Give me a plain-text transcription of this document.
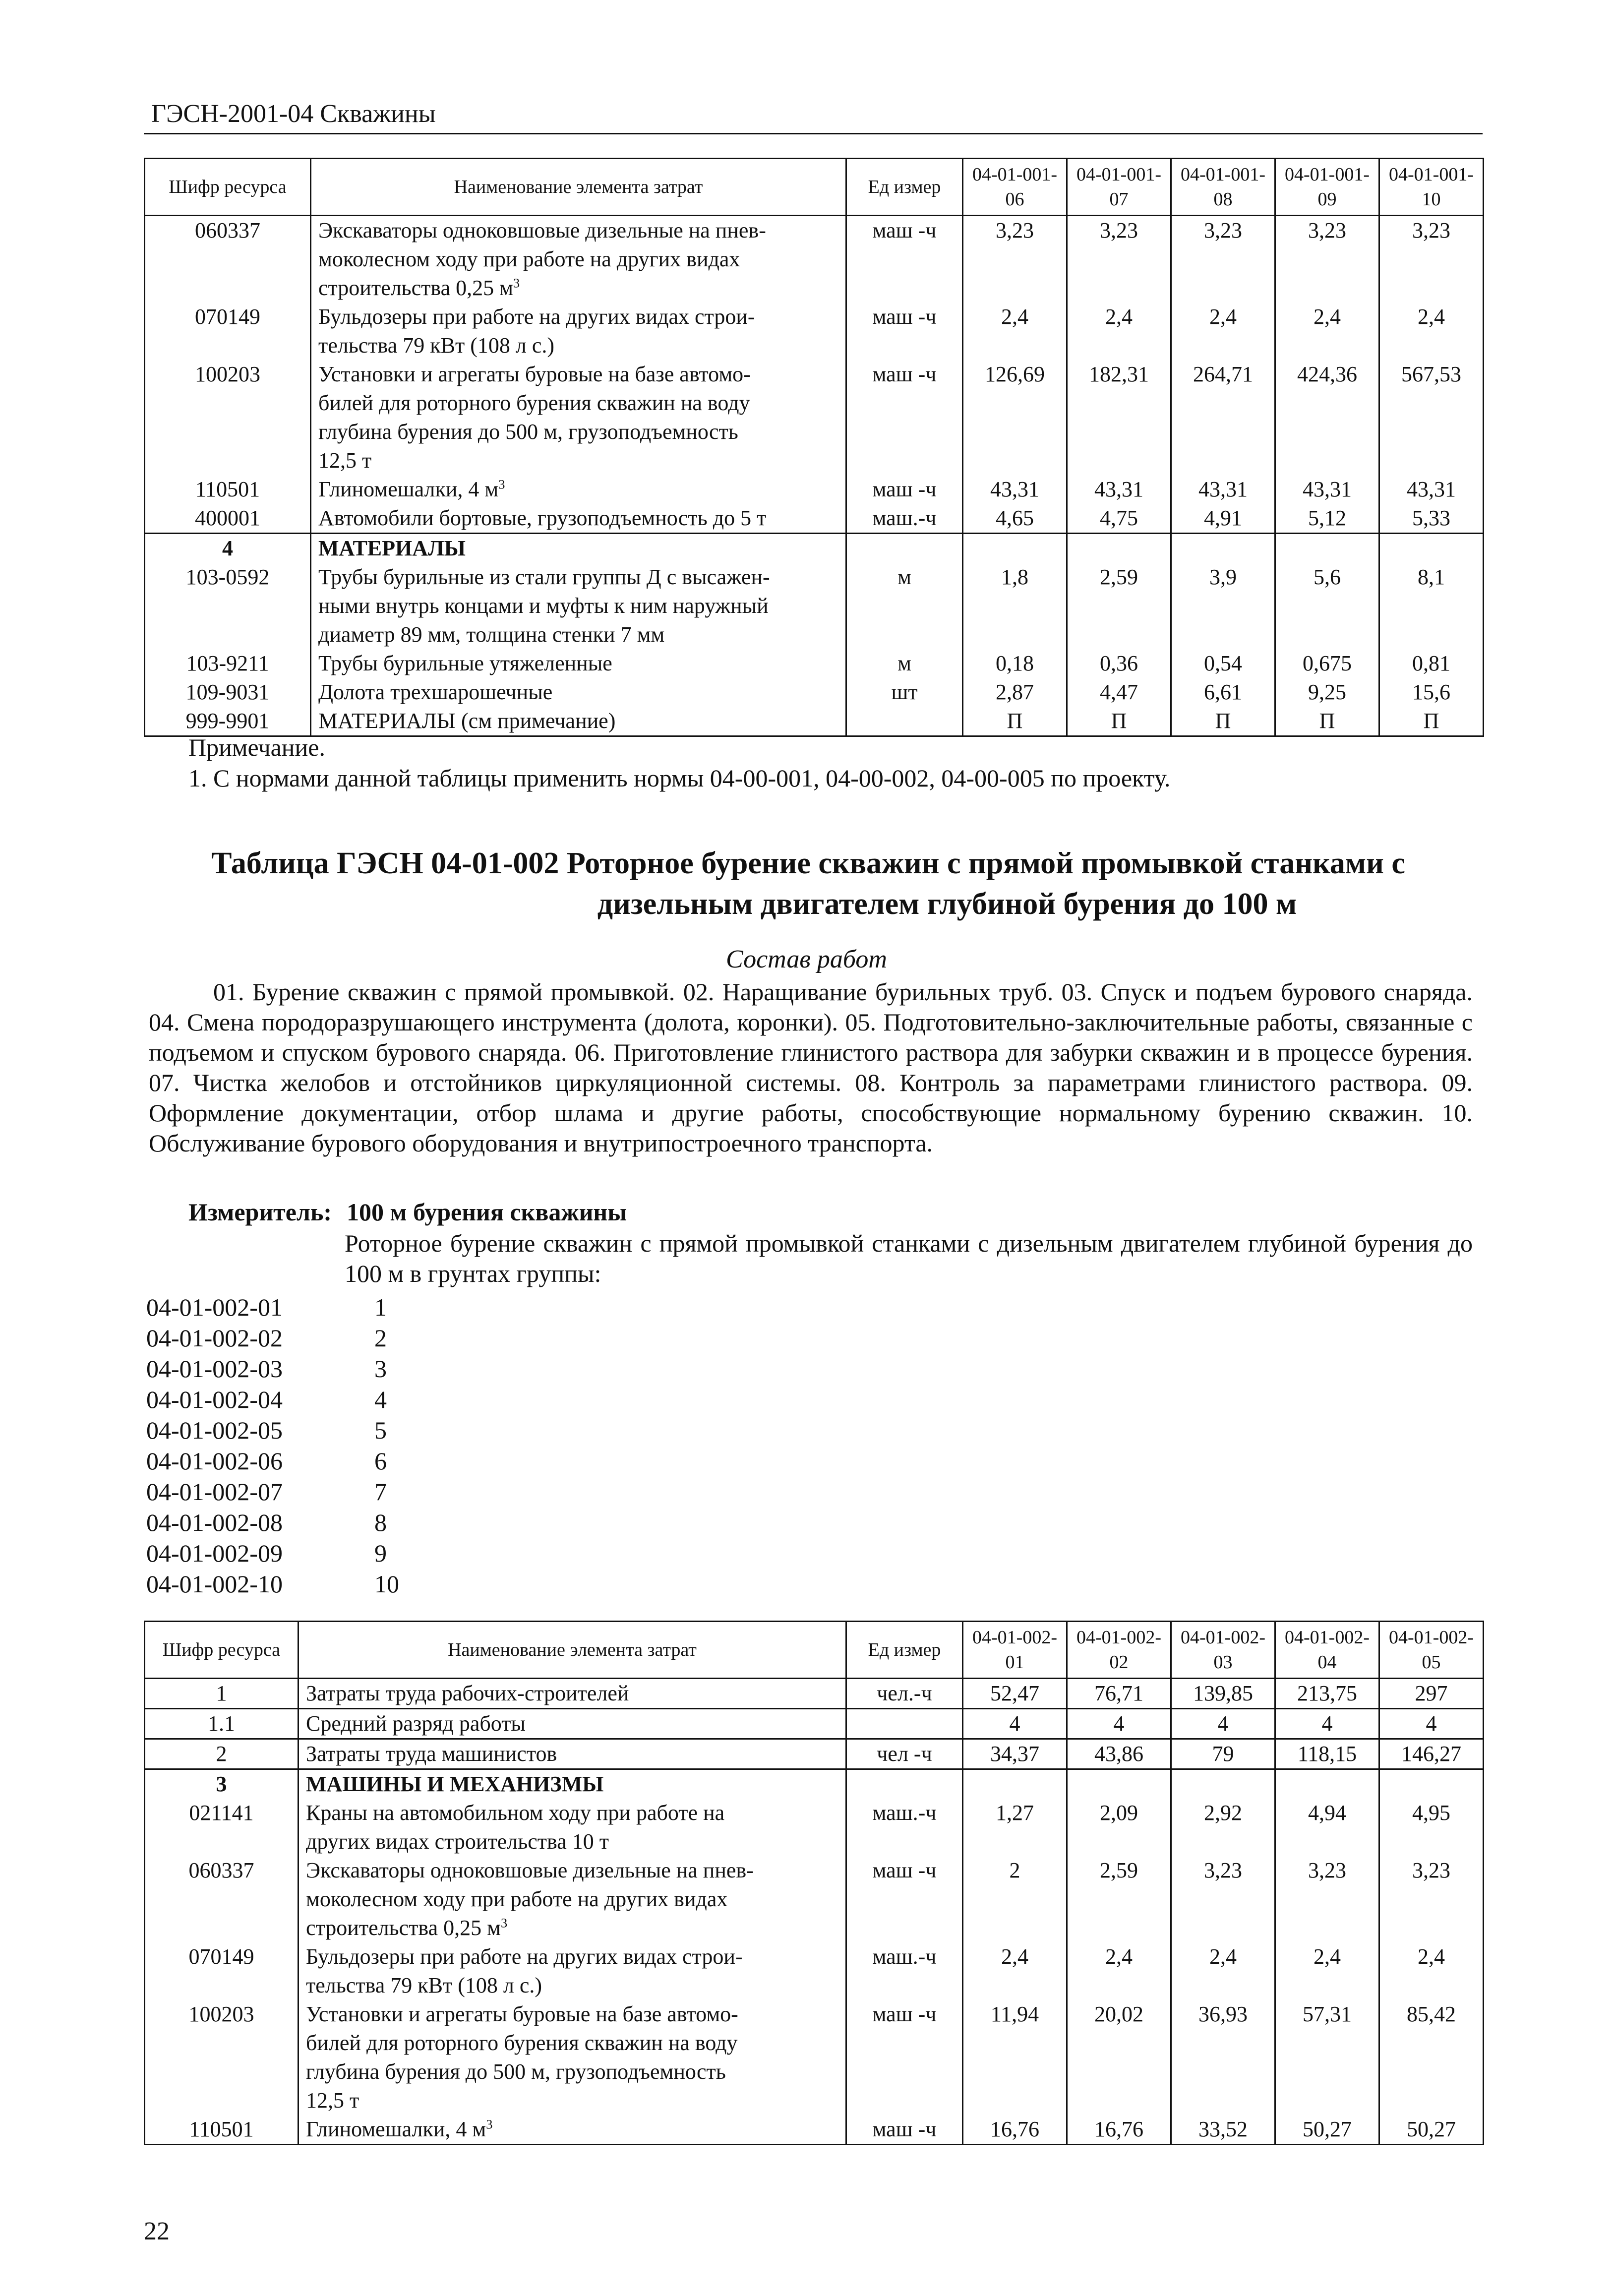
ГЭСН-2001-04 Скважины
Шифр ресурса	Наименование элемента затрат	Ед измер	04-01-001-06	04-01-001-07	04-01-001-08	04-01-001-09	04-01-001-10
060337	Экскаваторы одноковшовые дизельные на пнев-
моколесном ходу при работе на других видах
строительства 0,25 $м^3$	маш -ч	3,23	3,23	3,23	3,23	3,23
070149	Бульдозеры при работе на других видах строи-
тельства 79 кВт (108 л с.)	маш -ч	2,4	2,4	2,4	2,4	2,4
100203	Установки и агрегаты буровые на базе автомо-
билей для роторного бурения скважин на воду
глубина бурения до 500 м, грузоподъемность
12,5 т	маш -ч	126,69	182,31	264,71	424,36	567,53
110501	Глиномешалки, 4 $м^3$	маш -ч	43,31	43,31	43,31	43,31	43,31
400001	Автомобили бортовые, грузоподъемность до 5 т	маш.-ч	4,65	4,75	4,91	5,12	5,33
4	МАТЕРИАЛЫ						

103-0592	Трубы бурильные из стали группы Д с высажен-
ными внутрь концами и муфты к ним наружный
диаметр 89 мм, толщина стенки 7 мм	м	1,8	2,59	3,9	5,6	8,1
103-9211	Трубы бурильные утяжеленные	м	0,18	0,36	0,54	0,675	0,81
109-9031	Долота трехшарошечные	шт	2,87	4,47	6,61	9,25	15,6
999-9901	МАТЕРИАЛЫ (см примечание)		П	П	П	П	П
Примечание.
1. С нормами данной таблицы применить нормы 04-00-001, 04-00-002, 04-00-005 по проекту.
Таблица ГЭСН 04-01-002 Роторное бурение скважин с прямой промывкой станками с
дизельным двигателем глубиной бурения до 100 м
Состав работ
01. Бурение скважин с прямой промывкой. 02. Наращивание бурильных труб. 03. Спуск и подъем бурового снаряда. 04. Смена породоразрушающего инструмента (долота, коронки). 05. Подготовительно-заключительные работы, связанные с подъемом и спуском бурового снаряда. 06. Приготовление глинистого раствора для забурки скважин и в процессе бурения. 07. Чистка желобов и отстойников циркуляционной системы. 08. Контроль за параметрами глинистого раствора. 09. Оформление документации, отбор шлама и другие работы, способствующие нормальному бурению скважин. 10. Обслуживание бурового оборудования и внутрипостроечного транспорта.
Измеритель: 100 м бурения скважины
Роторное бурение скважин с прямой промывкой станками с дизельным двигателем глубиной бурения до 100 м в грунтах группы:
04-01-002-01	1
04-01-002-02	2
04-01-002-03	3
04-01-002-04	4
04-01-002-05	5
04-01-002-06	6
04-01-002-07	7
04-01-002-08	8
04-01-002-09	9
04-01-002-10	10
Шифр ресурса	Наименование элемента затрат	Ед измер	04-01-002-01	04-01-002-02	04-01-002-03	04-01-002-04	04-01-002-05
1	Затраты труда рабочих-строителей	чел.-ч	52,47	76,71	139,85	213,75	297
1.1	Средний разряд работы		4	4	4	4	4
2	Затраты труда машинистов	чел -ч	34,37	43,86	79	118,15	146,27
3	МАШИНЫ И МЕХАНИЗМЫ						

021141	Краны на автомобильном ходу при работе на
других видах строительства 10 т	маш.-ч	1,27	2,09	2,92	4,94	4,95
060337	Экскаваторы одноковшовые дизельные на пнев-
моколесном ходу при работе на других видах
строительства 0,25 $м^3$	маш -ч	2	2,59	3,23	3,23	3,23
070149	Бульдозеры при работе на других видах строи-
тельства 79 кВт (108 л с.)	маш.-ч	2,4	2,4	2,4	2,4	2,4
100203	Установки и агрегаты буровые на базе автомо-
билей для роторного бурения скважин на воду
глубина бурения до 500 м, грузоподъемность
12,5 т	маш -ч	11,94	20,02	36,93	57,31	85,42
110501	Глиномешалки, 4 $м^3$	маш -ч	16,76	16,76	33,52	50,27	50,27
22
